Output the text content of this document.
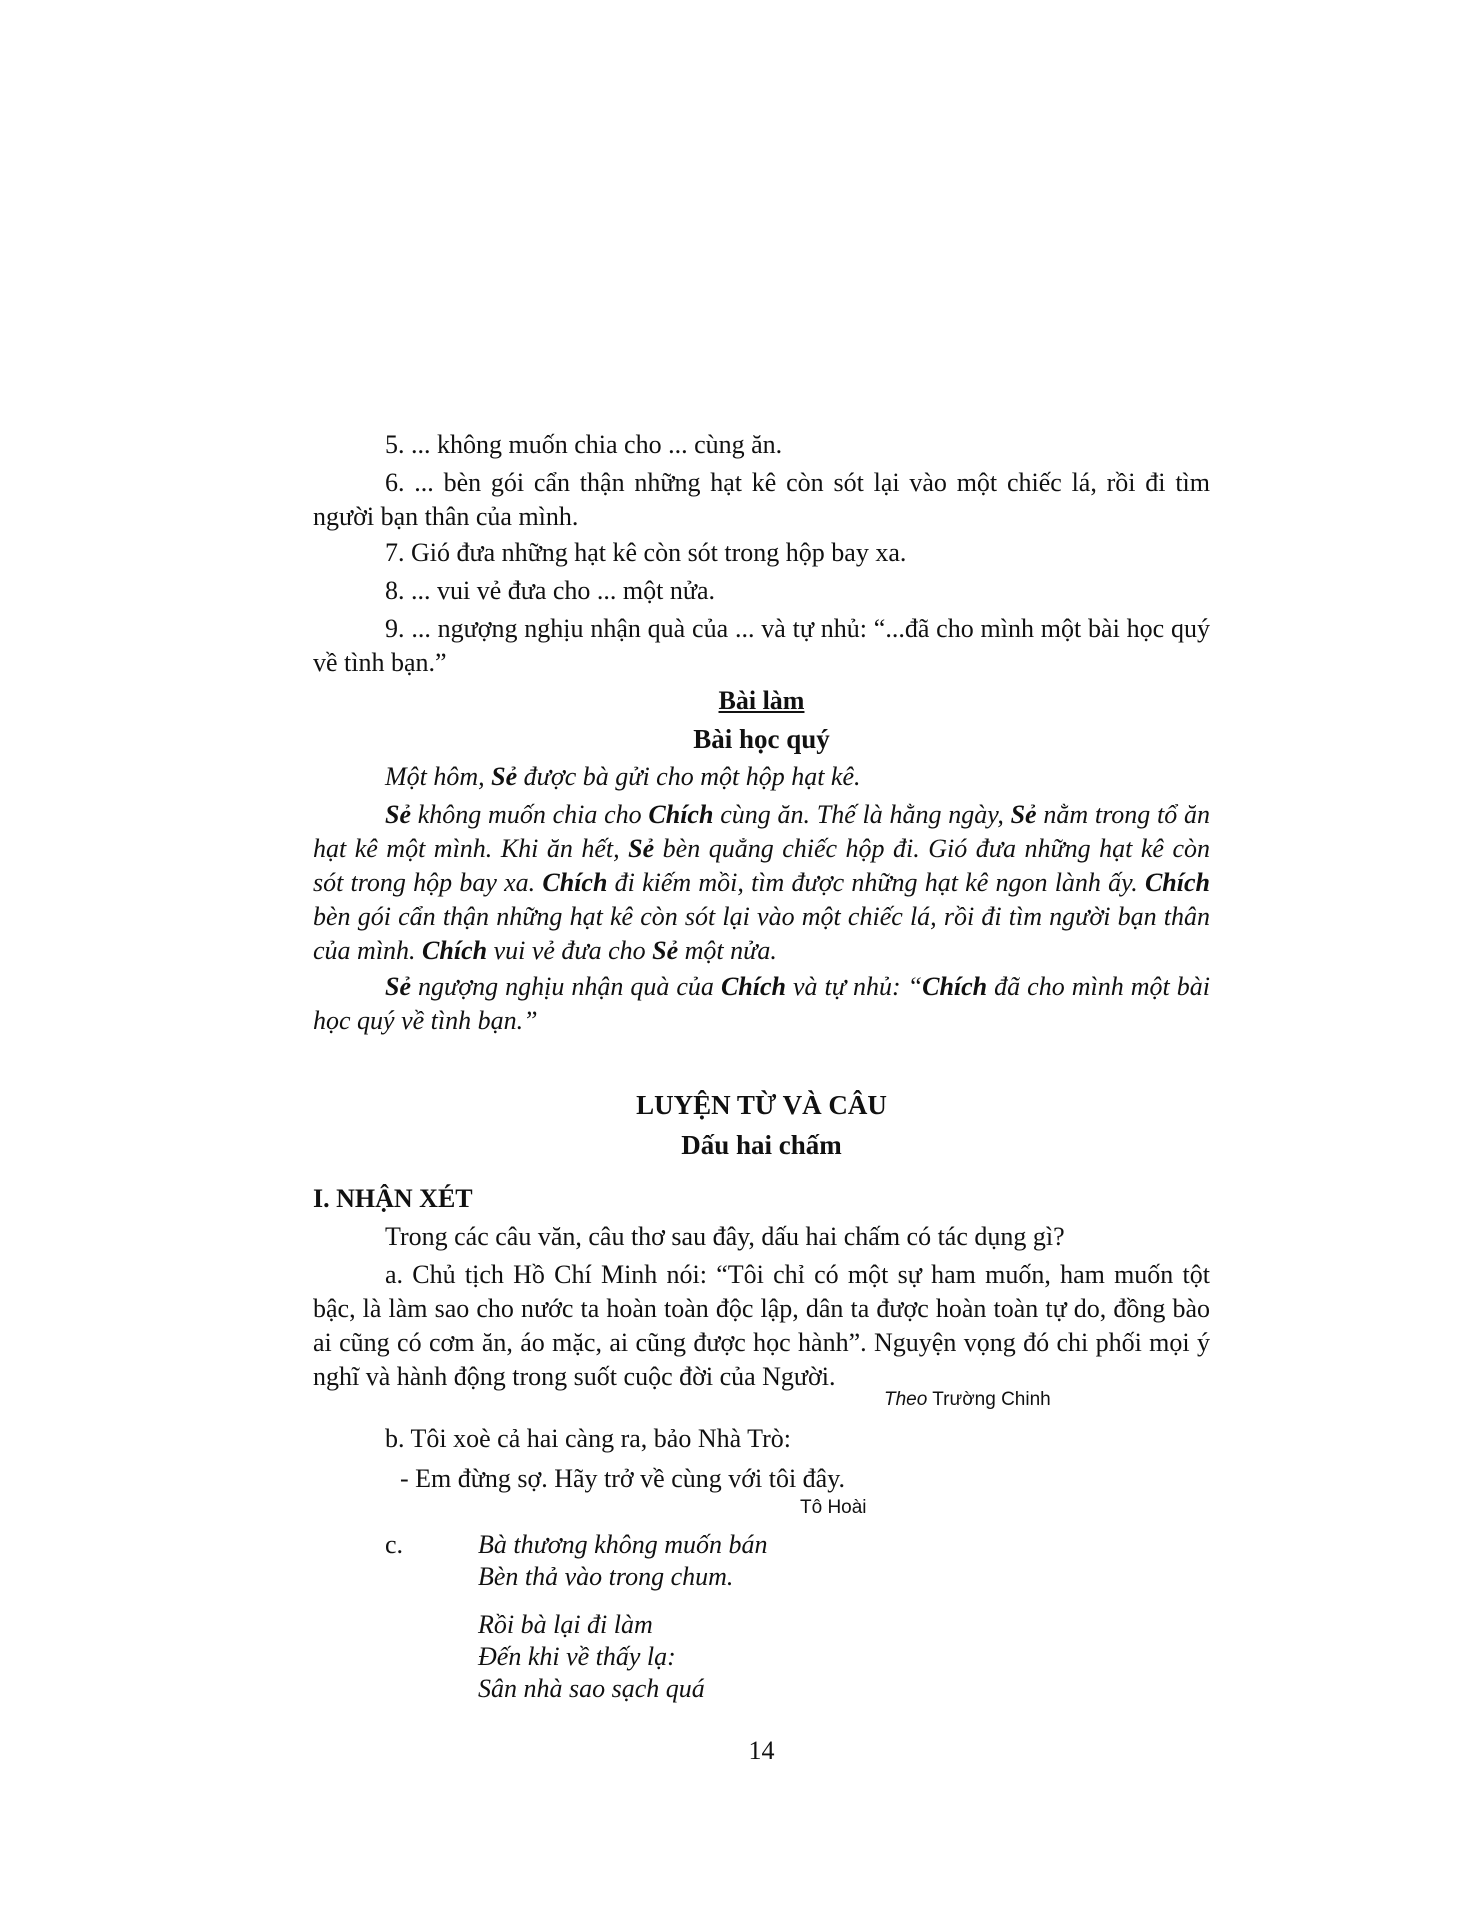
5. ... không muốn chia cho ... cùng ăn.

6. ... bèn gói cẩn thận những hạt kê còn sót lại vào một chiếc lá, rồi đi tìm người bạn thân của mình.

7. Gió đưa những hạt kê còn sót trong hộp bay xa.

8. ... vui vẻ đưa cho ... một nửa.

9. ... ngượng nghịu nhận quà của ... và tự nhủ: “...đã cho mình một bài học quý về tình bạn.”

Bài làm

Bài học quý

Một hôm, Sẻ được bà gửi cho một hộp hạt kê.

Sẻ không muốn chia cho Chích cùng ăn. Thế là hằng ngày, Sẻ nằm trong tổ ăn hạt kê một mình. Khi ăn hết, Sẻ bèn quẳng chiếc hộp đi. Gió đưa những hạt kê còn sót trong hộp bay xa. Chích đi kiếm mồi, tìm được những hạt kê ngon lành ấy. Chích bèn gói cẩn thận những hạt kê còn sót lại vào một chiếc lá, rồi đi tìm người bạn thân của mình. Chích vui vẻ đưa cho Sẻ một nửa.

Sẻ ngượng nghịu nhận quà của Chích và tự nhủ: “Chích đã cho mình một bài học quý về tình bạn.”

LUYỆN TỪ VÀ CÂU

Dấu hai chấm

I. NHẬN XÉT

Trong các câu văn, câu thơ sau đây, dấu hai chấm có tác dụng gì?

a. Chủ tịch Hồ Chí Minh nói: “Tôi chỉ có một sự ham muốn, ham muốn tột bậc, là làm sao cho nước ta hoàn toàn độc lập, dân ta được hoàn toàn tự do, đồng bào ai cũng có cơm ăn, áo mặc, ai cũng được học hành”. Nguyện vọng đó chi phối mọi ý nghĩ và hành động trong suốt cuộc đời của Người.

Theo Trường Chinh

b. Tôi xoè cả hai càng ra, bảo Nhà Trò:

- Em đừng sợ. Hãy trở về cùng với tôi đây.

Tô Hoài

c.	Bà thương không muốn bán

Bèn thả vào trong chum.

Rồi bà lại đi làm

Đến khi về thấy lạ:

Sân nhà sao sạch quá

14
